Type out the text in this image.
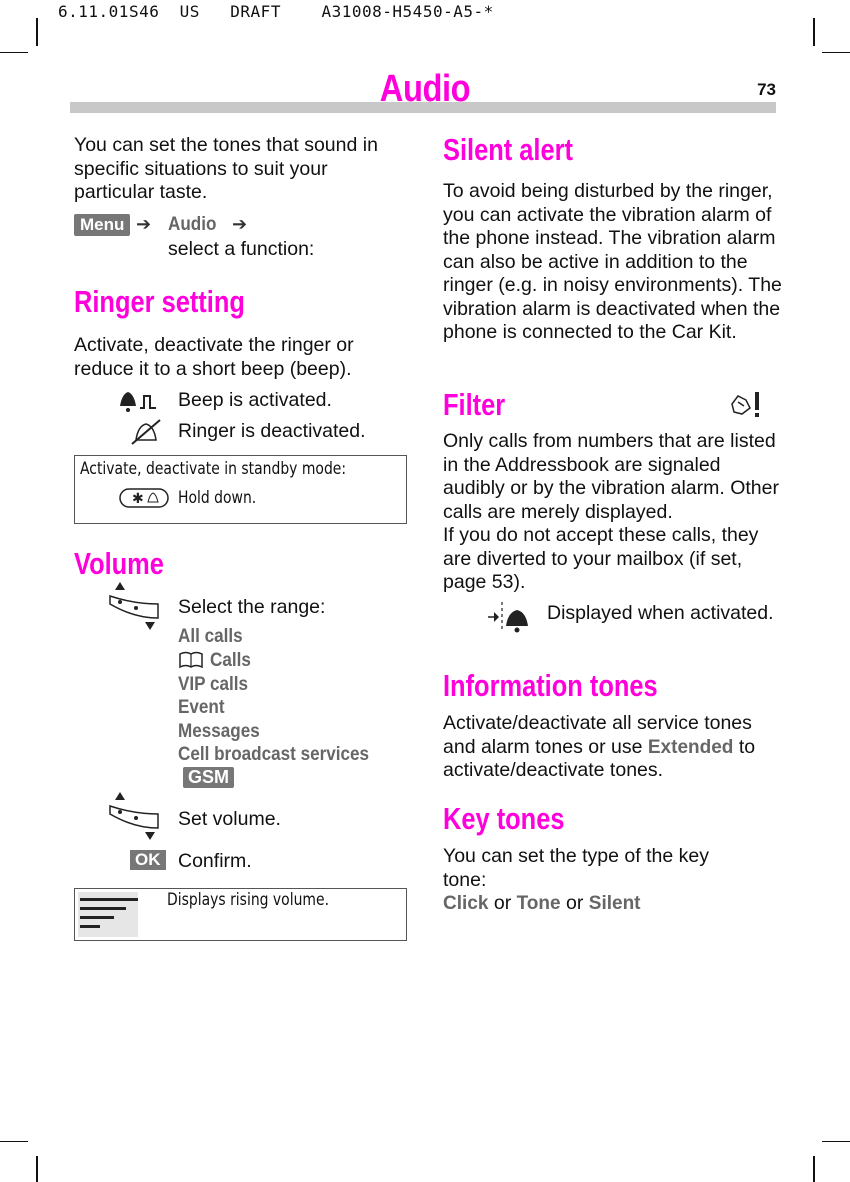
6.11.01S46 US DRAFT	A31008-H5450-A5-*
Audio	73
You can set the tones that sound in specific situations to suit your particular taste.
Menu ➔ Audio ➔
select a function:
Ringer setting
Activate, deactivate the ringer or reduce it to a short beep (beep).
Beep is activated.
Ringer is deactivated.
Activate, deactivate in standby mode:
✱ Hold down.
Volume
Select the range:
All calls
Calls
VIP calls
Event
Messages
Cell broadcast services
GSM
Set volume.
OK Confirm.
Displays rising volume.
Silent alert
To avoid being disturbed by the ringer, you can activate the vibration alarm of the phone instead. The vibration alarm can also be active in addition to the ringer (e.g. in noisy environments). The vibration alarm is deactivated when the phone is connected to the Car Kit.
Filter
Only calls from numbers that are listed in the Addressbook are signaled audibly or by the vibration alarm. Other calls are merely displayed.
If you do not accept these calls, they are diverted to your mailbox (if set, page 53).
Displayed when activated.
Information tones
Activate/deactivate all service tones and alarm tones or use Extended to activate/deactivate tones.
Key tones
You can set the type of the key tone:
Click or Tone or Silent
